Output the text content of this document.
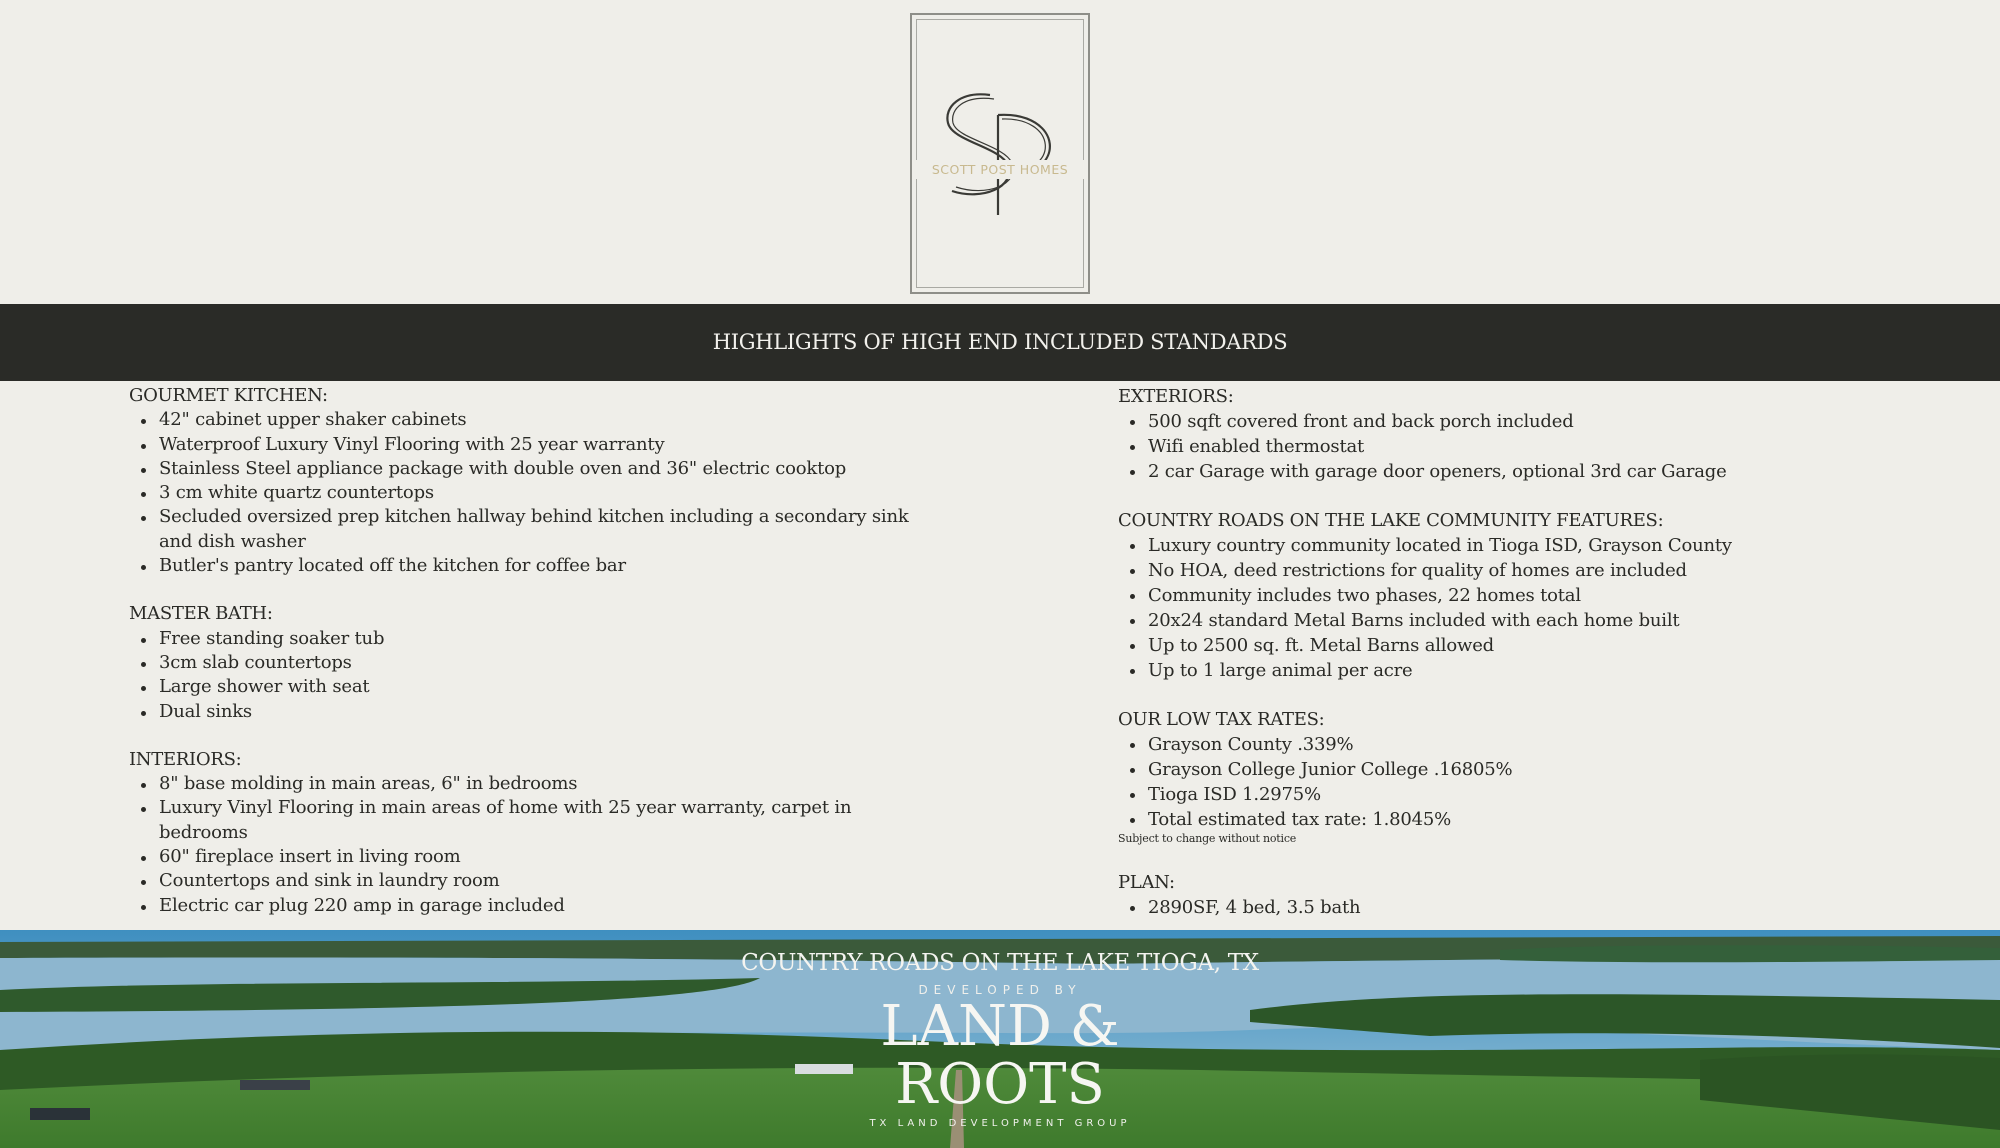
SCOTT POST HOMES
HIGHLIGHTS OF HIGH END INCLUDED STANDARDS

GOURMET KITCHEN:

42" cabinet upper shaker cabinets
Waterproof Luxury Vinyl Flooring with 25 year warranty
Stainless Steel appliance package with double oven and 36" electric cooktop
3 cm white quartz countertops
Secluded oversized prep kitchen hallway behind kitchen including a secondary sink and dish washer
Butler's pantry located off the kitchen for coffee bar

MASTER BATH:

Free standing soaker tub
3cm slab countertops
Large shower with seat
Dual sinks

INTERIORS:

8" base molding in main areas, 6" in bedrooms
Luxury Vinyl Flooring in main areas of home with 25 year warranty, carpet in bedrooms
60" fireplace insert in living room
Countertops and sink in laundry room
Electric car plug 220 amp in garage included

EXTERIORS:

500 sqft covered front and back porch included
Wifi enabled thermostat
2 car Garage with garage door openers, optional 3rd car Garage

COUNTRY ROADS ON THE LAKE COMMUNITY FEATURES:

Luxury country community located in Tioga ISD, Grayson County
No HOA, deed restrictions for quality of homes are included
Community includes two phases, 22 homes total
20x24 standard Metal Barns included with each home built
Up to 2500 sq. ft. Metal Barns allowed
Up to 1 large animal per acre

OUR LOW TAX RATES:

Grayson County .339%
Grayson College Junior College .16805%
Tioga ISD 1.2975%
Total estimated tax rate: 1.8045%

Subject to change without notice

PLAN:

2890SF, 4 bed, 3.5 bath
COUNTRY ROADS ON THE LAKE TIOGA, TX
DEVELOPED BY
LAND &
ROOTS
TX LAND DEVELOPMENT GROUP
